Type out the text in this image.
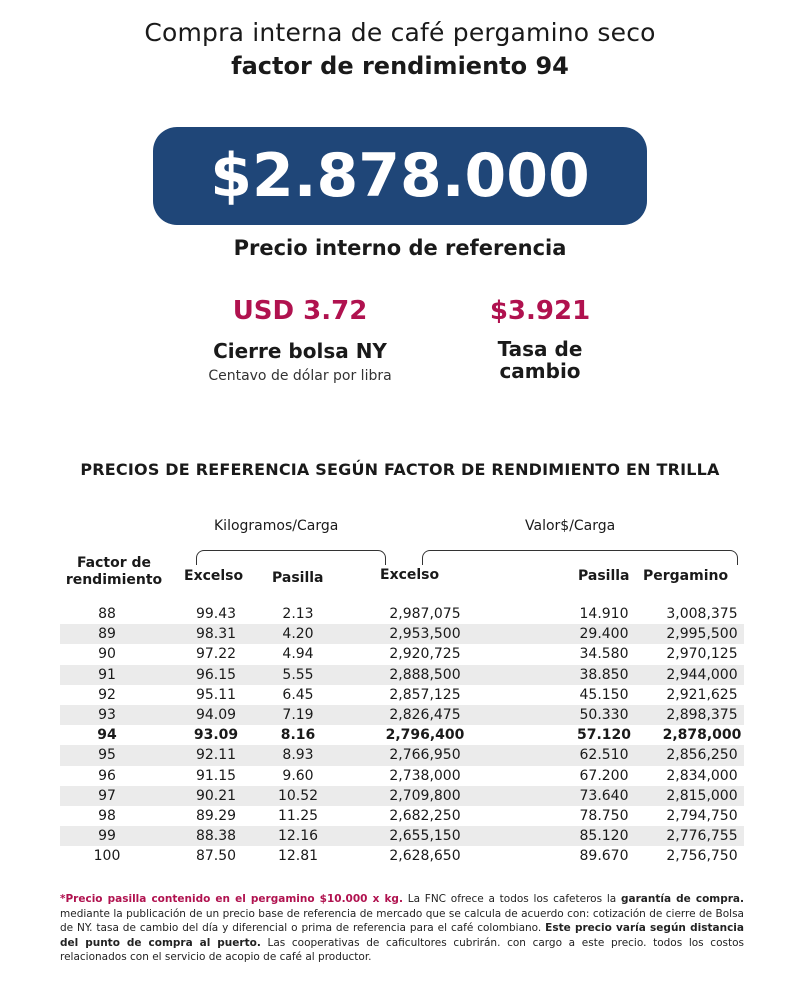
Compra interna de café pergamino seco
factor de rendimiento 94
$2.878.000
Precio interno de referencia
USD 3.72
Cierre bolsa NY
Centavo de dólar por libra
$3.921
Tasa de
cambio
PRECIOS DE REFERENCIA SEGÚN FACTOR DE RENDIMIENTO EN TRILLA
Kilogramos/Carga	Valor$/Carga
Factor de
rendimiento Excelso Pasilla	Excelso	Pasilla Pergamino
88	99.43	2.13	2,987,075	14.910	3,008,375
89	98.31	4.20	2,953,500	29.400	2,995,500
90	97.22	4.94	2,920,725	34.580	2,970,125
91	96.15	5.55	2,888,500	38.850	2,944,000
92	95.11	6.45	2,857,125	45.150	2,921,625
93	94.09	7.19	2,826,475	50.330	2,898,375
94	93.09	8.16	2,796,400	57.120 2,878,000
95	92.11	8.93	2,766,950	62.510	2,856,250
96	91.15	9.60	2,738,000	67.200	2,834,000
97	90.21	10.52	2,709,800	73.640	2,815,000
98	89.29	11.25	2,682,250	78.750	2,794,750
99	88.38	12.16	2,655,150	85.120	2,776,755
100	87.50	12.81	2,628,650	89.670	2,756,750
*Precio pasilla contenido en el pergamino $10.000 x kg. La FNC ofrece a todos los cafeteros la garantía de compra. mediante la publicación de un precio base de referencia de mercado que se calcula de acuerdo con: cotización de cierre de Bolsa de NY. tasa de cambio del día y diferencial o prima de referencia para el café colombiano. Este precio varía según distancia del punto de compra al puerto. Las cooperativas de caficultores cubrirán. con cargo a este precio. todos los costos relacionados con el servicio de acopio de café al productor.
